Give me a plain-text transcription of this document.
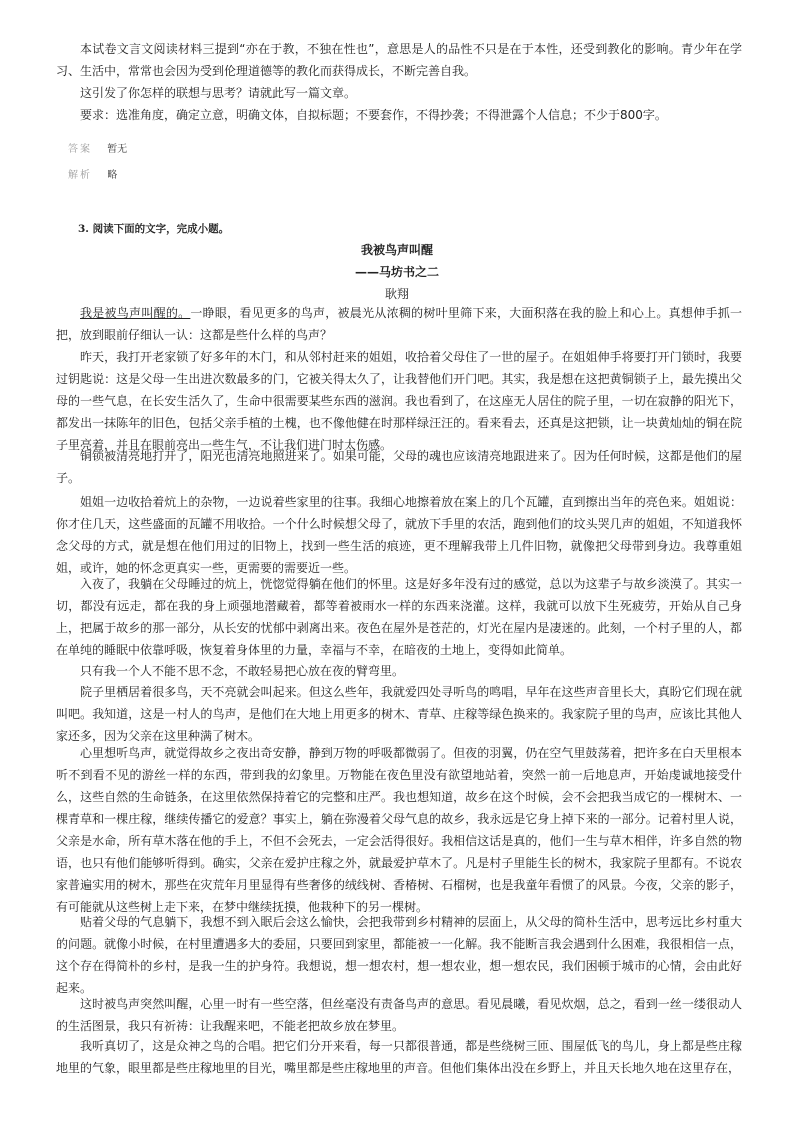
本试卷文言文阅读材料三提到“亦在于教，不独在性也”，意思是人的品性不只是在于本性，还受到教化的影响。青少年在学习、生活中，常常也会因为受到伦理道德等的教化而获得成长，不断完善自我。

这引发了你怎样的联想与思考？请就此写一篇文章。

要求：选准角度，确定立意，明确文体，自拟标题；不要套作，不得抄袭；不得泄露个人信息；不少于800字。

答案 暂无
解析 略
3. 阅读下面的文字，完成小题。
我被鸟声叫醒
——马坊书之二
耿翔

我是被鸟声叫醒的。一睁眼，看见更多的鸟声，被晨光从浓稠的树叶里筛下来，大面积落在我的脸上和心上。真想伸手抓一把，放到眼前仔细认一认：这都是些什么样的鸟声？

昨天，我打开老家锁了好多年的木门，和从邻村赶来的姐姐，收拾着父母住了一世的屋子。在姐姐伸手将要打开门锁时，我要过钥匙说：这是父母一生出进次数最多的门，它被关得太久了，让我替他们开门吧。其实，我是想在这把黄铜锁子上，最先摸出父母的一些气息，在长安生活久了，生命中很需要某些东西的滋润。我也看到了，在这座无人居住的院子里，一切在寂静的阳光下，都发出一抹陈年的旧色，包括父亲手植的土槐，也不像他健在时那样绿汪汪的。看来看去，还真是这把锁，让一块黄灿灿的铜在院子里亮着，并且在眼前亮出一些生气，不让我们进门时太伤感。

铜锁被清亮地打开了，阳光也清亮地照进来了。如果可能，父母的魂也应该清亮地跟进来了。因为任何时候，这都是他们的屋子。

姐姐一边收拾着炕上的杂物，一边说着些家里的往事。我细心地擦着放在案上的几个瓦罐，直到擦出当年的亮色来。姐姐说：你才住几天，这些盛面的瓦罐不用收拾。一个什么时候想父母了，就放下手里的农活，跑到他们的坟头哭几声的姐姐，不知道我怀念父母的方式，就是想在他们用过的旧物上，找到一些生活的痕迹，更不理解我带上几件旧物，就像把父母带到身边。我尊重姐姐，或许，她的怀念更真实一些，更需要的需要近一些。

入夜了，我躺在父母睡过的炕上，恍惚觉得躺在他们的怀里。这是好多年没有过的感觉，总以为这辈子与故乡淡漠了。其实一切，都没有远走，都在我的身上顽强地潜藏着，都等着被雨水一样的东西来浇灌。这样，我就可以放下生死疲劳，开始从自己身上，把属于故乡的那一部分，从长安的忧郁中剥离出来。夜色在屋外是苍茫的，灯光在屋内是凄迷的。此刻，一个村子里的人，都在单纯的睡眠中依靠呼吸，恢复着身体里的力量，幸福与不幸，在暗夜的土地上，变得如此简单。

只有我一个人不能不思不念，不敢轻易把心放在夜的臂弯里。

院子里栖居着很多鸟，天不亮就会叫起来。但这么些年，我就爱四处寻听鸟的鸣唱，早年在这些声音里长大，真盼它们现在就叫吧。我知道，这是一村人的鸟声，是他们在大地上用更多的树木、青草、庄稼等绿色换来的。我家院子里的鸟声，应该比其他人家还多，因为父亲在这里种满了树木。

心里想听鸟声，就觉得故乡之夜出奇安静，静到万物的呼吸都微弱了。但夜的羽翼，仍在空气里鼓荡着，把许多在白天里根本听不到看不见的游丝一样的东西，带到我的幻象里。万物能在夜色里没有欲望地站着，突然一前一后地息声，开始虔诚地接受什么，这些自然的生命链条，在这里依然保持着它的完整和庄严。我也想知道，故乡在这个时候，会不会把我当成它的一棵树木、一棵青草和一棵庄稼，继续传播它的爱意？事实上，躺在弥漫着父母气息的故乡，我永远是它身上掉下来的一部分。记着村里人说，父亲是水命，所有草木落在他的手上，不但不会死去，一定会活得很好。我相信这话是真的，他们一生与草木相伴，许多自然的物语，也只有他们能够听得到。确实，父亲在爱护庄稼之外，就最爱护草木了。凡是村子里能生长的树木，我家院子里都有。不说农家普遍实用的树木，那些在灾荒年月里显得有些奢侈的绒线树、香椿树、石榴树，也是我童年看惯了的风景。今夜，父亲的影子，有可能就从这些树上走下来，在梦中继续抚摸，他栽种下的另一棵树。

贴着父母的气息躺下，我想不到入眠后会这么愉快，会把我带到乡村精神的层面上，从父母的简朴生活中，思考远比乡村重大的问题。就像小时候，在村里遭遇多大的委屈，只要回到家里，都能被一一化解。我不能断言我会遇到什么困难，我很相信一点，这个存在得简朴的乡村，是我一生的护身符。我想说，想一想农村，想一想农业，想一想农民，我们困顿于城市的心情，会由此好起来。

这时被鸟声突然叫醒，心里一时有一些空落，但丝毫没有责备鸟声的意思。看见晨曦，看见炊烟，总之，看到一丝一缕很动人的生活图景，我只有祈祷：让我醒来吧，不能老把故乡放在梦里。

我听真切了，这是众神之鸟的合唱。把它们分开来看，每一只都很普通，都是些绕树三匝、围屋低飞的鸟儿，身上都是些庄稼地里的气象，眼里都是些庄稼地里的目光，嘴里都是些庄稼地里的声音。但他们集体出没在乡野上，并且天长地久地在这里存在，
